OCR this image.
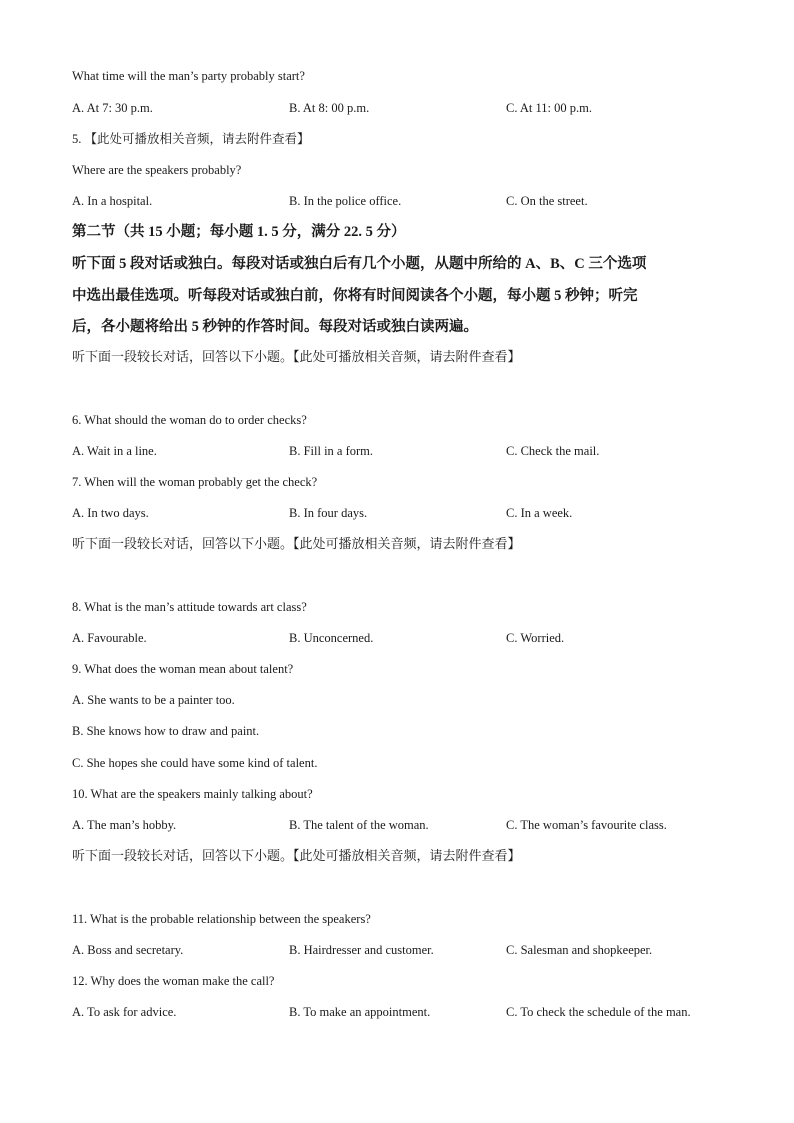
What time will the man’s party probably start?
A. At 7: 30 p.m.	B. At 8: 00 p.m.	C. At 11: 00 p.m.
5. 【此处可播放相关音频，请去附件查看】
Where are the speakers probably?
A. In a hospital.	B. In the police office.	C. On the street.
第二节（共 15 小题；每小题 1. 5 分，满分 22. 5 分）
听下面 5 段对话或独白。每段对话或独白后有几个小题，从题中所给的 A、B、C 三个选项
中选出最佳选项。听每段对话或独白前，你将有时间阅读各个小题，每小题 5 秒钟；听完
后，各小题将给出 5 秒钟的作答时间。每段对话或独白读两遍。
听下面一段较长对话，回答以下小题。【此处可播放相关音频，请去附件查看】
6. What should the woman do to order checks?
A. Wait in a line.	B. Fill in a form.	C. Check the mail.
7. When will the woman probably get the check?
A. In two days.	B. In four days.	C. In a week.
听下面一段较长对话，回答以下小题。【此处可播放相关音频，请去附件查看】
8. What is the man’s attitude towards art class?
A. Favourable.	B. Unconcerned.	C. Worried.
9. What does the woman mean about talent?
A. She wants to be a painter too.
B. She knows how to draw and paint.
C. She hopes she could have some kind of talent.
10. What are the speakers mainly talking about?
A. The man’s hobby.	B. The talent of the woman.	C. The woman’s favourite class.
听下面一段较长对话，回答以下小题。【此处可播放相关音频，请去附件查看】
11. What is the probable relationship between the speakers?
A. Boss and secretary.	B. Hairdresser and customer.	C. Salesman and shopkeeper.
12. Why does the woman make the call?
A. To ask for advice.	B. To make an appointment.	C. To check the schedule of the man.
